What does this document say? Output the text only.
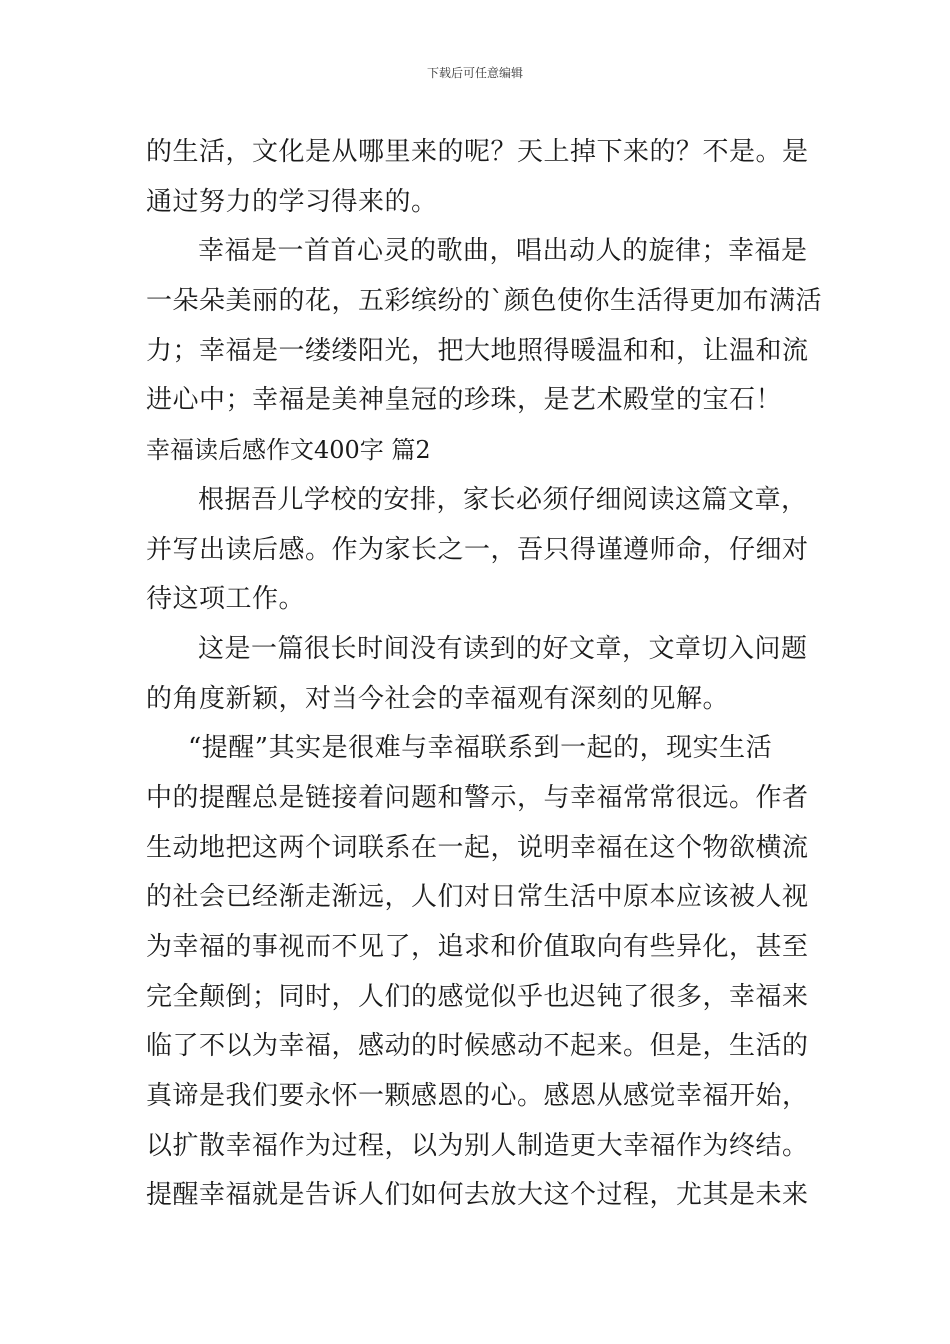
下载后可任意编辑
的生活，文化是从哪里来的呢？天上掉下来的？不是。是
通过努力的学习得来的。
幸福是一首首心灵的歌曲，唱出动人的旋律；幸福是
一朵朵美丽的花，五彩缤纷的`颜色使你生活得更加布满活
力；幸福是一缕缕阳光，把大地照得暖温和和，让温和流
进心中；幸福是美神皇冠的珍珠，是艺术殿堂的宝石！
幸福读后感作文400字 篇2
根据吾儿学校的安排，家长必须仔细阅读这篇文章，
并写出读后感。作为家长之一，吾只得谨遵师命，仔细对
待这项工作。
这是一篇很长时间没有读到的好文章，文章切入问题
的角度新颖，对当今社会的幸福观有深刻的见解。
“提醒”其实是很难与幸福联系到一起的，现实生活
中的提醒总是链接着问题和警示，与幸福常常很远。作者
生动地把这两个词联系在一起，说明幸福在这个物欲横流
的社会已经渐走渐远，人们对日常生活中原本应该被人视
为幸福的事视而不见了，追求和价值取向有些异化，甚至
完全颠倒；同时，人们的感觉似乎也迟钝了很多，幸福来
临了不以为幸福，感动的时候感动不起来。但是，生活的
真谛是我们要永怀一颗感恩的心。感恩从感觉幸福开始，
以扩散幸福作为过程，以为别人制造更大幸福作为终结。
提醒幸福就是告诉人们如何去放大这个过程，尤其是未来
